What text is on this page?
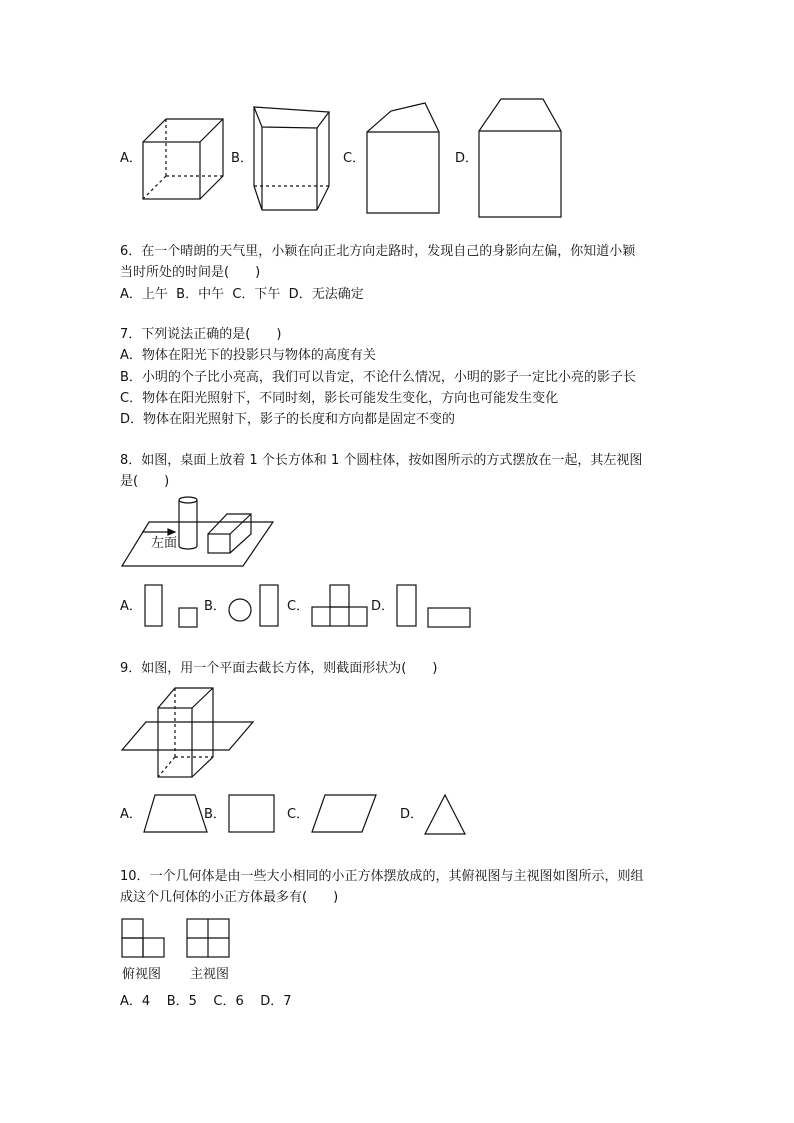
A．	B．	C．	D．
6．在一个晴朗的天气里，小颖在向正北方向走路时，发现自己的身影向左偏，你知道小颖
当时所处的时间是(　　)
A．上午  B．中午  C．下午  D．无法确定
7．下列说法正确的是(　　)
A．物体在阳光下的投影只与物体的高度有关
B．小明的个子比小亮高，我们可以肯定，不论什么情况，小明的影子一定比小亮的影子长
C．物体在阳光照射下，不同时刻，影长可能发生变化，方向也可能发生变化
D．物体在阳光照射下，影子的长度和方向都是固定不变的
8．如图，桌面上放着 1 个长方体和 1 个圆柱体，按如图所示的方式摆放在一起，其左视图
是(　　)
左面
A．	B．	C．	D．
9．如图，用一个平面去截长方体，则截面形状为(　　)
A．	B．	C．	D．
10．一个几何体是由一些大小相同的小正方体摆放成的，其俯视图与主视图如图所示，则组
成这个几何体的小正方体最多有(　　)
俯视图 主视图
A．4    B．5    C．6    D．7
